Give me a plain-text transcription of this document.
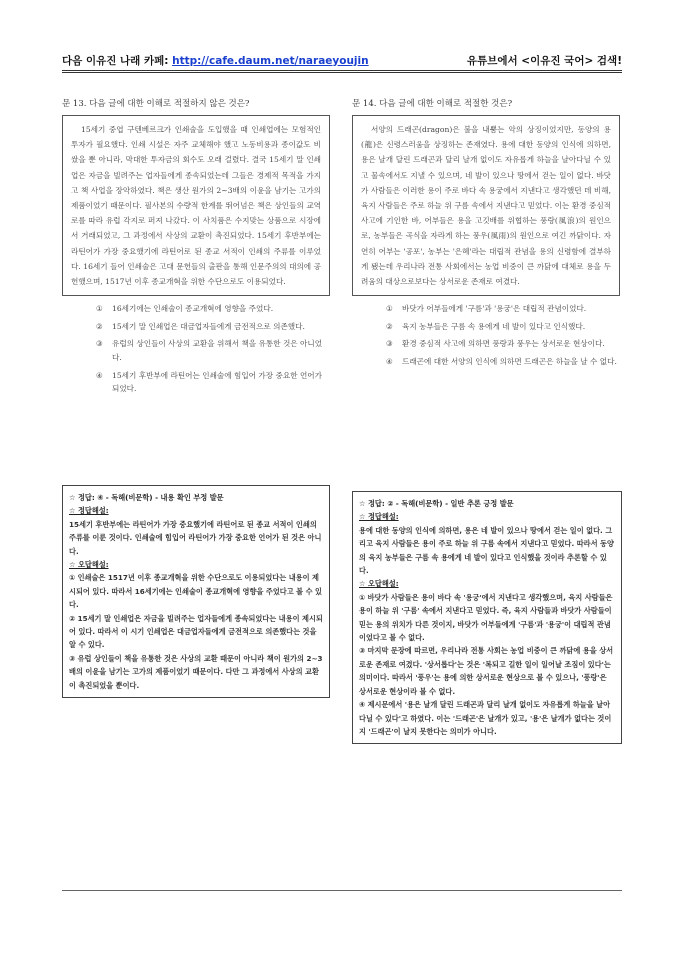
다음 이유진 나래 카페: http://cafe.daum.net/naraeyoujin	유튜브에서 <이유진 국어> 검색!

문 13. 다음 글에 대한 이해로 적절하지 않은 것은?

15세기 중엽 구텐베르크가 인쇄술을 도입했을 때 인쇄업에는 모험적인 투자가 필요했다. 인쇄 시설은 자주 교체해야 했고 노동비용과 종이값도 비쌌을 뿐 아니라, 막대한 투자금의 회수도 오래 걸렸다. 결국 15세기 말 인쇄업은 자금을 빌려주는 업자들에게 종속되었는데 그들은 경제적 목적을 가지고 책 사업을 장악하였다. 책은 생산 원가의 2∼3배의 이윤을 남기는 고가의 제품이었기 때문이다. 필사본의 수량적 한계를 뛰어넘은 책은 상인들의 교역로를 따라 유럽 각지로 퍼져 나갔다. 이 사치품은 수지맞는 상품으로 시장에서 거래되었고, 그 과정에서 사상의 교환이 촉진되었다. 15세기 후반부에는 라틴어가 가장 중요했기에 라틴어로 된 종교 서적이 인쇄의 주류를 이루었다. 16세기 들어 인쇄술은 고대 문헌들의 출판을 통해 인문주의의 대의에 공헌했으며, 1517년 이후 종교개혁을 위한 수단으로도 이용되었다.

①	16세기에는 인쇄술이 종교개혁에 영향을 주었다.
②	15세기 말 인쇄업은 대금업자들에게 금전적으로 의존했다.
③	유럽의 상인들이 사상의 교환을 위해서 책을 유통한 것은 아니었다.
④	15세기 후반부에 라틴어는 인쇄술에 힘입어 가장 중요한 언어가 되었다.

문 14. 다음 글에 대한 이해로 적절한 것은?

서양의 드래곤(dragon)은 불을 내뿜는 악의 상징이었지만, 동양의 용(龍)은 신령스러움을 상징하는 존재였다. 용에 대한 동양의 인식에 의하면, 용은 날개 달린 드래곤과 달리 날개 없이도 자유롭게 하늘을 날아다닐 수 있고 물속에서도 지낼 수 있으며, 네 발이 있으나 땅에서 걷는 일이 없다. 바닷가 사람들은 이러한 용이 주로 바다 속 용궁에서 지낸다고 생각했던 데 비해, 육지 사람들은 주로 하늘 위 구름 속에서 지낸다고 믿었다. 이는 환경 중심적 사고에 기인한 바, 어부들은 용을 고깃배를 위협하는 풍랑(風浪)의 원인으로, 농부들은 곡식을 자라게 하는 풍우(風雨)의 원인으로 여긴 까닭이다. 자연히 어부는 '공포', 농부는 '은혜'라는 대립적 관념을 용의 신령함에 결부하게 됐는데 우리나라 전통 사회에서는 농업 비중이 큰 까닭에 대체로 용을 두려움의 대상으로보다는 상서로운 존재로 여겼다.

①	바닷가 어부들에게 '구름'과 '용궁'은 대립적 관념이었다.
②	육지 농부들은 구름 속 용에게 네 발이 있다고 인식했다.
③	환경 중심적 사고에 의하면 풍랑과 풍우는 상서로운 현상이다.
④	드래곤에 대한 서양의 인식에 의하면 드래곤은 하늘을 날 수 없다.

☆ 정답: ④ - 독해(비문학) - 내용 확인 부정 발문

☆ 정답해설:

15세기 후반부에는 라틴어가 가장 중요했기에 라틴어로 된 종교 서적이 인쇄의 주류를 이룬 것이다. 인쇄술에 힘입어 라틴어가 가장 중요한 언어가 된 것은 아니다.

☆ 오답해설:

① 인쇄술은 1517년 이후 종교개혁을 위한 수단으로도 이용되었다는 내용이 제시되어 있다. 따라서 16세기에는 인쇄술이 종교개혁에 영향을 주었다고 볼 수 있다.

② 15세기 말 인쇄업은 자금을 빌려주는 업자들에게 종속되었다는 내용이 제시되어 있다. 따라서 이 시기 인쇄업은 대금업자들에게 금전적으로 의존했다는 것을 알 수 있다.

③ 유럽 상인들이 책을 유통한 것은 사상의 교환 때문이 아니라 책이 원가의 2~3배의 이윤을 남기는 고가의 제품이었기 때문이다. 다만 그 과정에서 사상의 교환이 촉진되었을 뿐이다.

☆ 정답: ② - 독해(비문학) - 일반 추론 긍정 발문

☆ 정답해설:

용에 대한 동양의 인식에 의하면, 용은 네 발이 있으나 땅에서 걷는 일이 없다. 그리고 육지 사람들은 용이 주로 하늘 위 구름 속에서 지낸다고 믿었다. 따라서 동양의 육지 농부들은 구름 속 용에게 네 발이 있다고 인식했을 것이라 추론할 수 있다.

☆ 오답해설:

① 바닷가 사람들은 용이 바다 속 '용궁'에서 지낸다고 생각했으며, 육지 사람들은 용이 하늘 위 '구름' 속에서 지낸다고 믿었다. 즉, 육지 사람들과 바닷가 사람들이 믿는 용의 위치가 다른 것이지, 바닷가 어부들에게 '구름'과 '용궁'이 대립적 관념이었다고 볼 수 없다.

③ 마지막 문장에 따르면, 우리나라 전통 사회는 농업 비중이 큰 까닭에 용을 상서로운 존재로 여겼다. '상서롭다'는 것은 '복되고 길한 일이 일어날 조짐이 있다'는 의미이다. 따라서 '풍우'는 용에 의한 상서로운 현상으로 볼 수 있으나, '풍랑'은 상서로운 현상이라 볼 수 없다.

④ 제시문에서 '용은 날개 달린 드래곤과 달리 날개 없이도 자유롭게 하늘을 날아다닐 수 있다'고 하였다. 이는 '드래곤'은 날개가 있고, '용'은 날개가 없다는 것이지 '드래곤'이 날지 못한다는 의미가 아니다.
